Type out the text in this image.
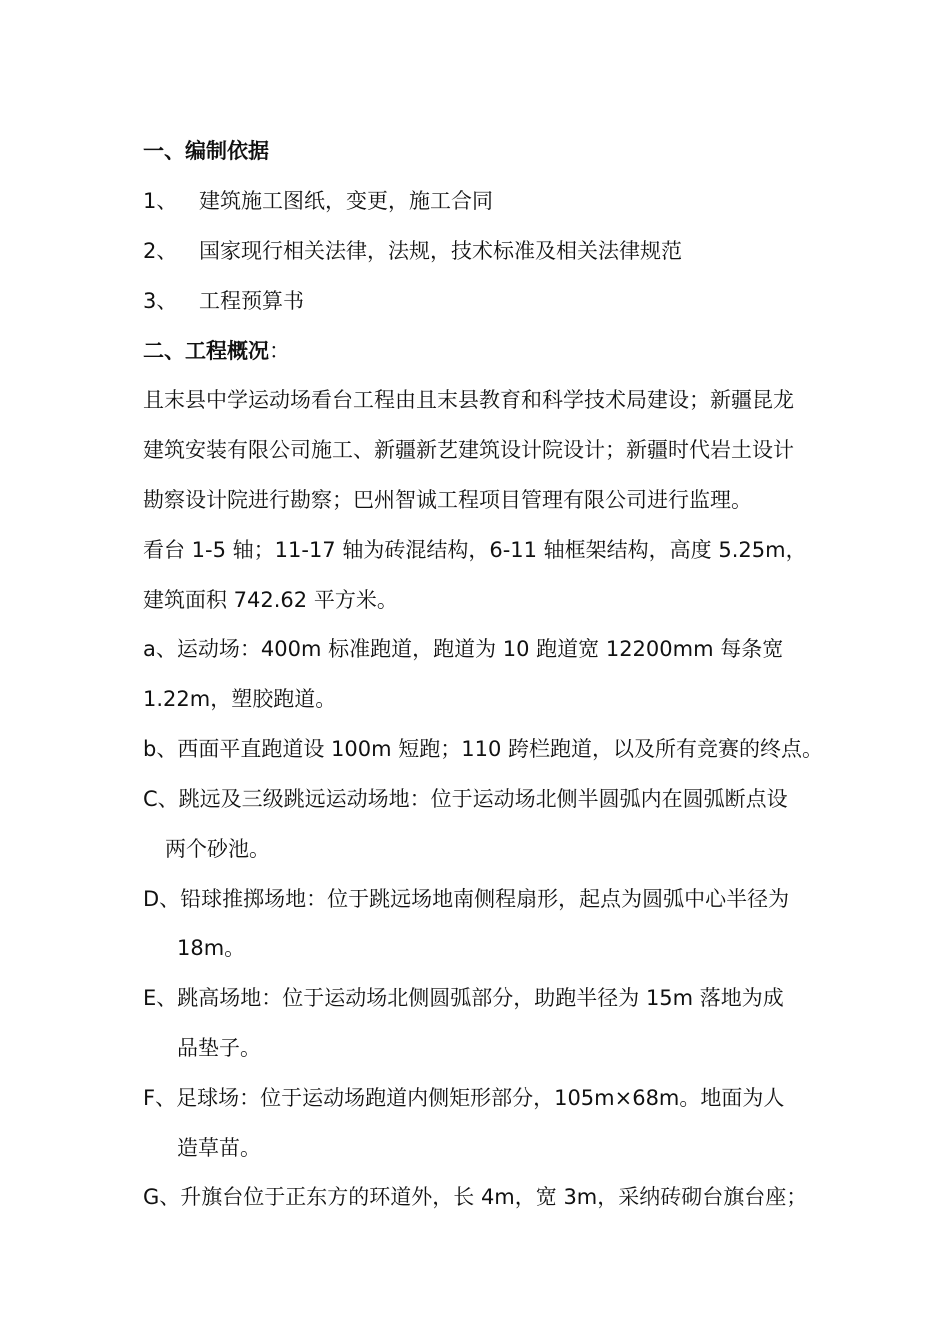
一、编制依据
1、 建筑施工图纸，变更，施工合同
2、 国家现行相关法律，法规，技术标准及相关法律规范
3、 工程预算书
二、工程概况：
且末县中学运动场看台工程由且末县教育和科学技术局建设；新疆昆龙
建筑安装有限公司施工、新疆新艺建筑设计院设计；新疆时代岩土设计
勘察设计院进行勘察；巴州智诚工程项目管理有限公司进行监理。
看台 1-5 轴；11-17 轴为砖混结构，6-11 轴框架结构，高度 5.25m，
建筑面积 742.62 平方米。
a、运动场：400m 标准跑道，跑道为 10 跑道宽 12200mm 每条宽
1.22m，塑胶跑道。
b、西面平直跑道设 100m 短跑；110 跨栏跑道，以及所有竞赛的终点。
C、跳远及三级跳远运动场地：位于运动场北侧半圆弧内在圆弧断点设
两个砂池。
D、铅球推掷场地：位于跳远场地南侧程扇形，起点为圆弧中心半径为
18m。
E、跳高场地：位于运动场北侧圆弧部分，助跑半径为 15m 落地为成
品垫子。
F、足球场：位于运动场跑道内侧矩形部分，105m×68m。地面为人
造草苗。
G、升旗台位于正东方的环道外，长 4m，宽 3m，采纳砖砌台旗台座；
